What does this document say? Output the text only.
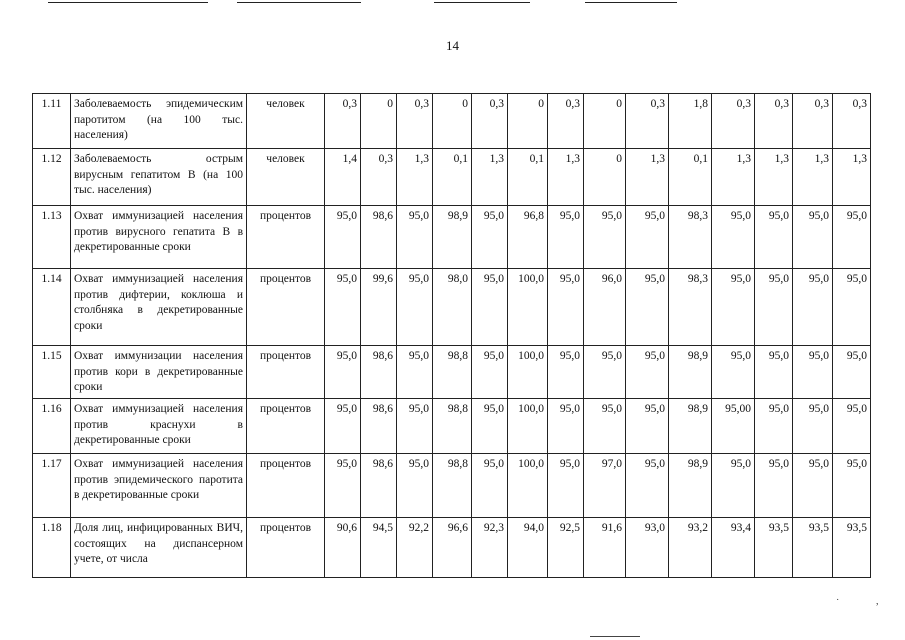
14
1.11	Заболеваемость эпидемическим паротитом (на 100 тыс. населения)	человек	0,3	0	0,3	0	0,3	0	0,3	0	0,3	1,8	0,3	0,3	0,3	0,3
1.12	Заболеваемость острым вирусным гепатитом В (на 100 тыс. населения)	человек	1,4	0,3	1,3	0,1	1,3	0,1	1,3	0	1,3	0,1	1,3	1,3	1,3	1,3
1.13	Охват иммунизацией населения против вирусного гепатита В в декретированные сроки	процентов	95,0	98,6	95,0	98,9	95,0	96,8	95,0	95,0	95,0	98,3	95,0	95,0	95,0	95,0
1.14	Охват иммунизацией населения против дифтерии, коклюша и столбняка в декретированные сроки	процентов	95,0	99,6	95,0	98,0	95,0	100,0	95,0	96,0	95,0	98,3	95,0	95,0	95,0	95,0
1.15	Охват иммунизации населения против кори в декретированные сроки	процентов	95,0	98,6	95,0	98,8	95,0	100,0	95,0	95,0	95,0	98,9	95,0	95,0	95,0	95,0
1.16	Охват иммунизацией населения против краснухи в декретированные сроки	процентов	95,0	98,6	95,0	98,8	95,0	100,0	95,0	95,0	95,0	98,9	95,00	95,0	95,0	95,0
1.17	Охват иммунизацией населения против эпидемического паротита в декретированные сроки	процентов	95,0	98,6	95,0	98,8	95,0	100,0	95,0	97,0	95,0	98,9	95,0	95,0	95,0	95,0
1.18	Доля лиц, инфицированных ВИЧ, состоящих на диспансерном учете, от числа	процентов	90,6	94,5	92,2	96,6	92,3	94,0	92,5	91,6	93,0	93,2	93,4	93,5	93,5	93,5
˙	,
